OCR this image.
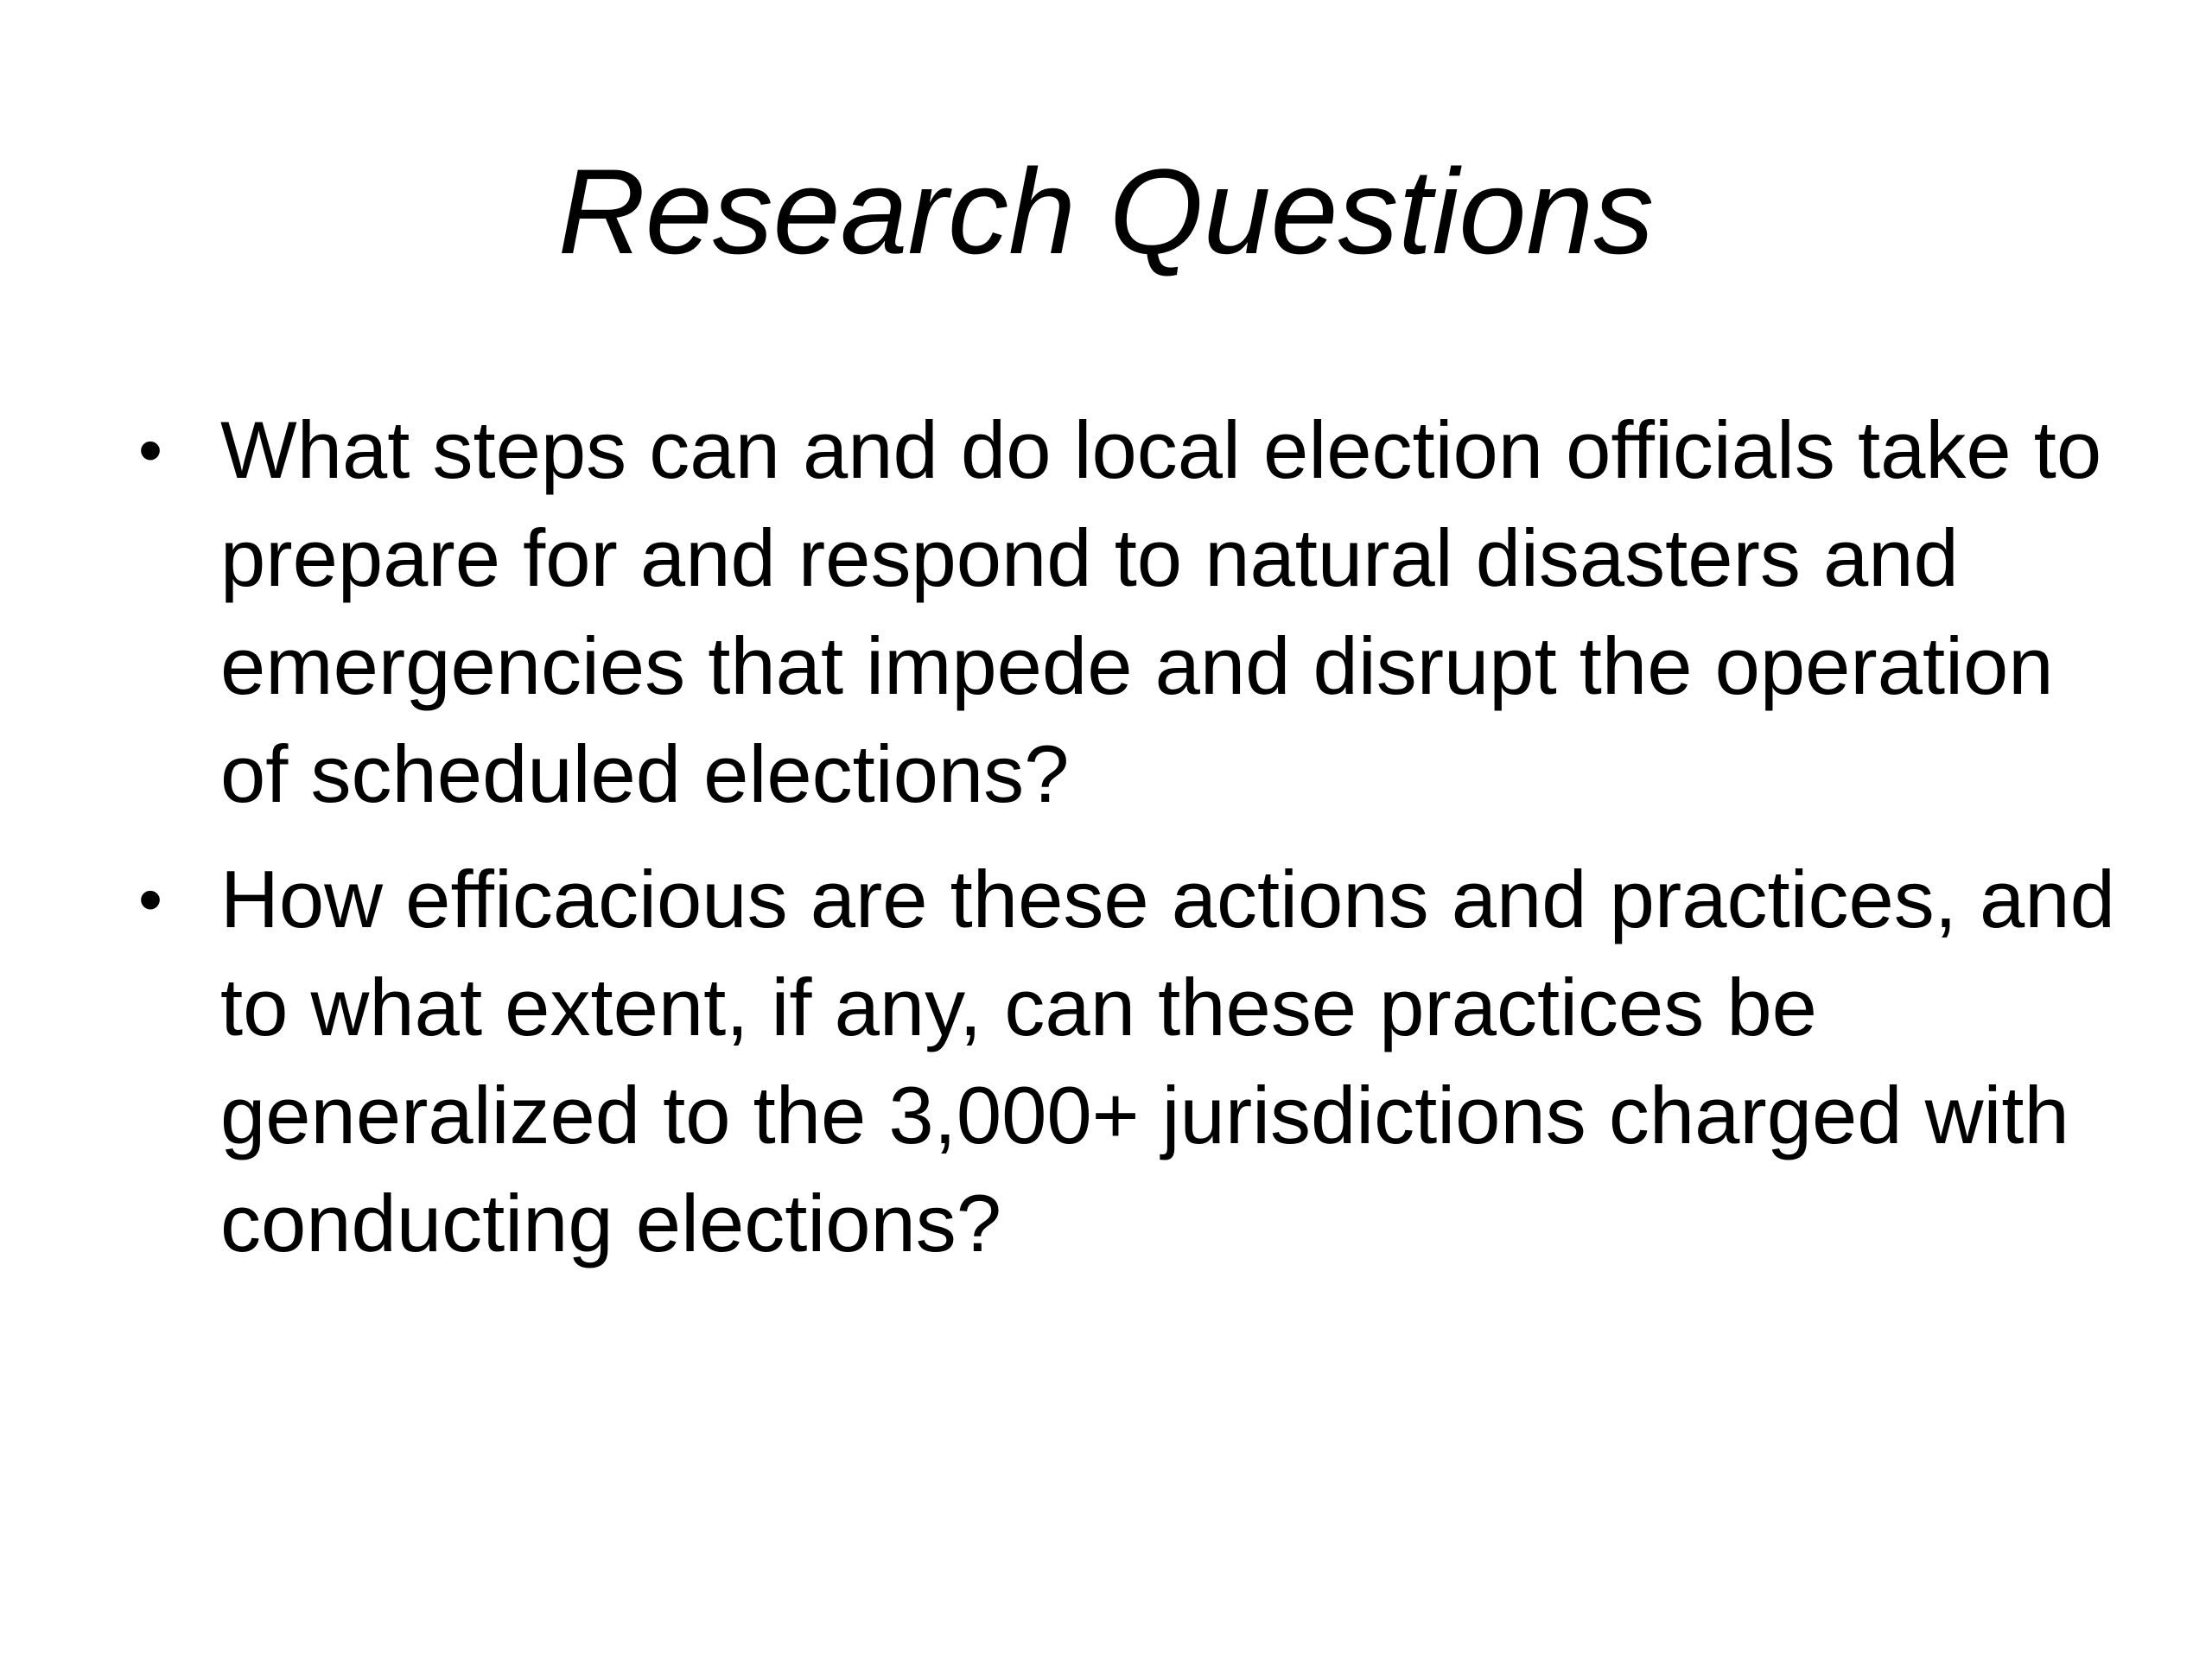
Research Questions
• What steps can and do local election officials take to prepare for and respond to natural disasters and emergencies that impede and disrupt the operation of scheduled elections?
• How efficacious are these actions and practices, and to what extent, if any, can these practices be generalized to the 3,000+ jurisdictions charged with conducting elections?
